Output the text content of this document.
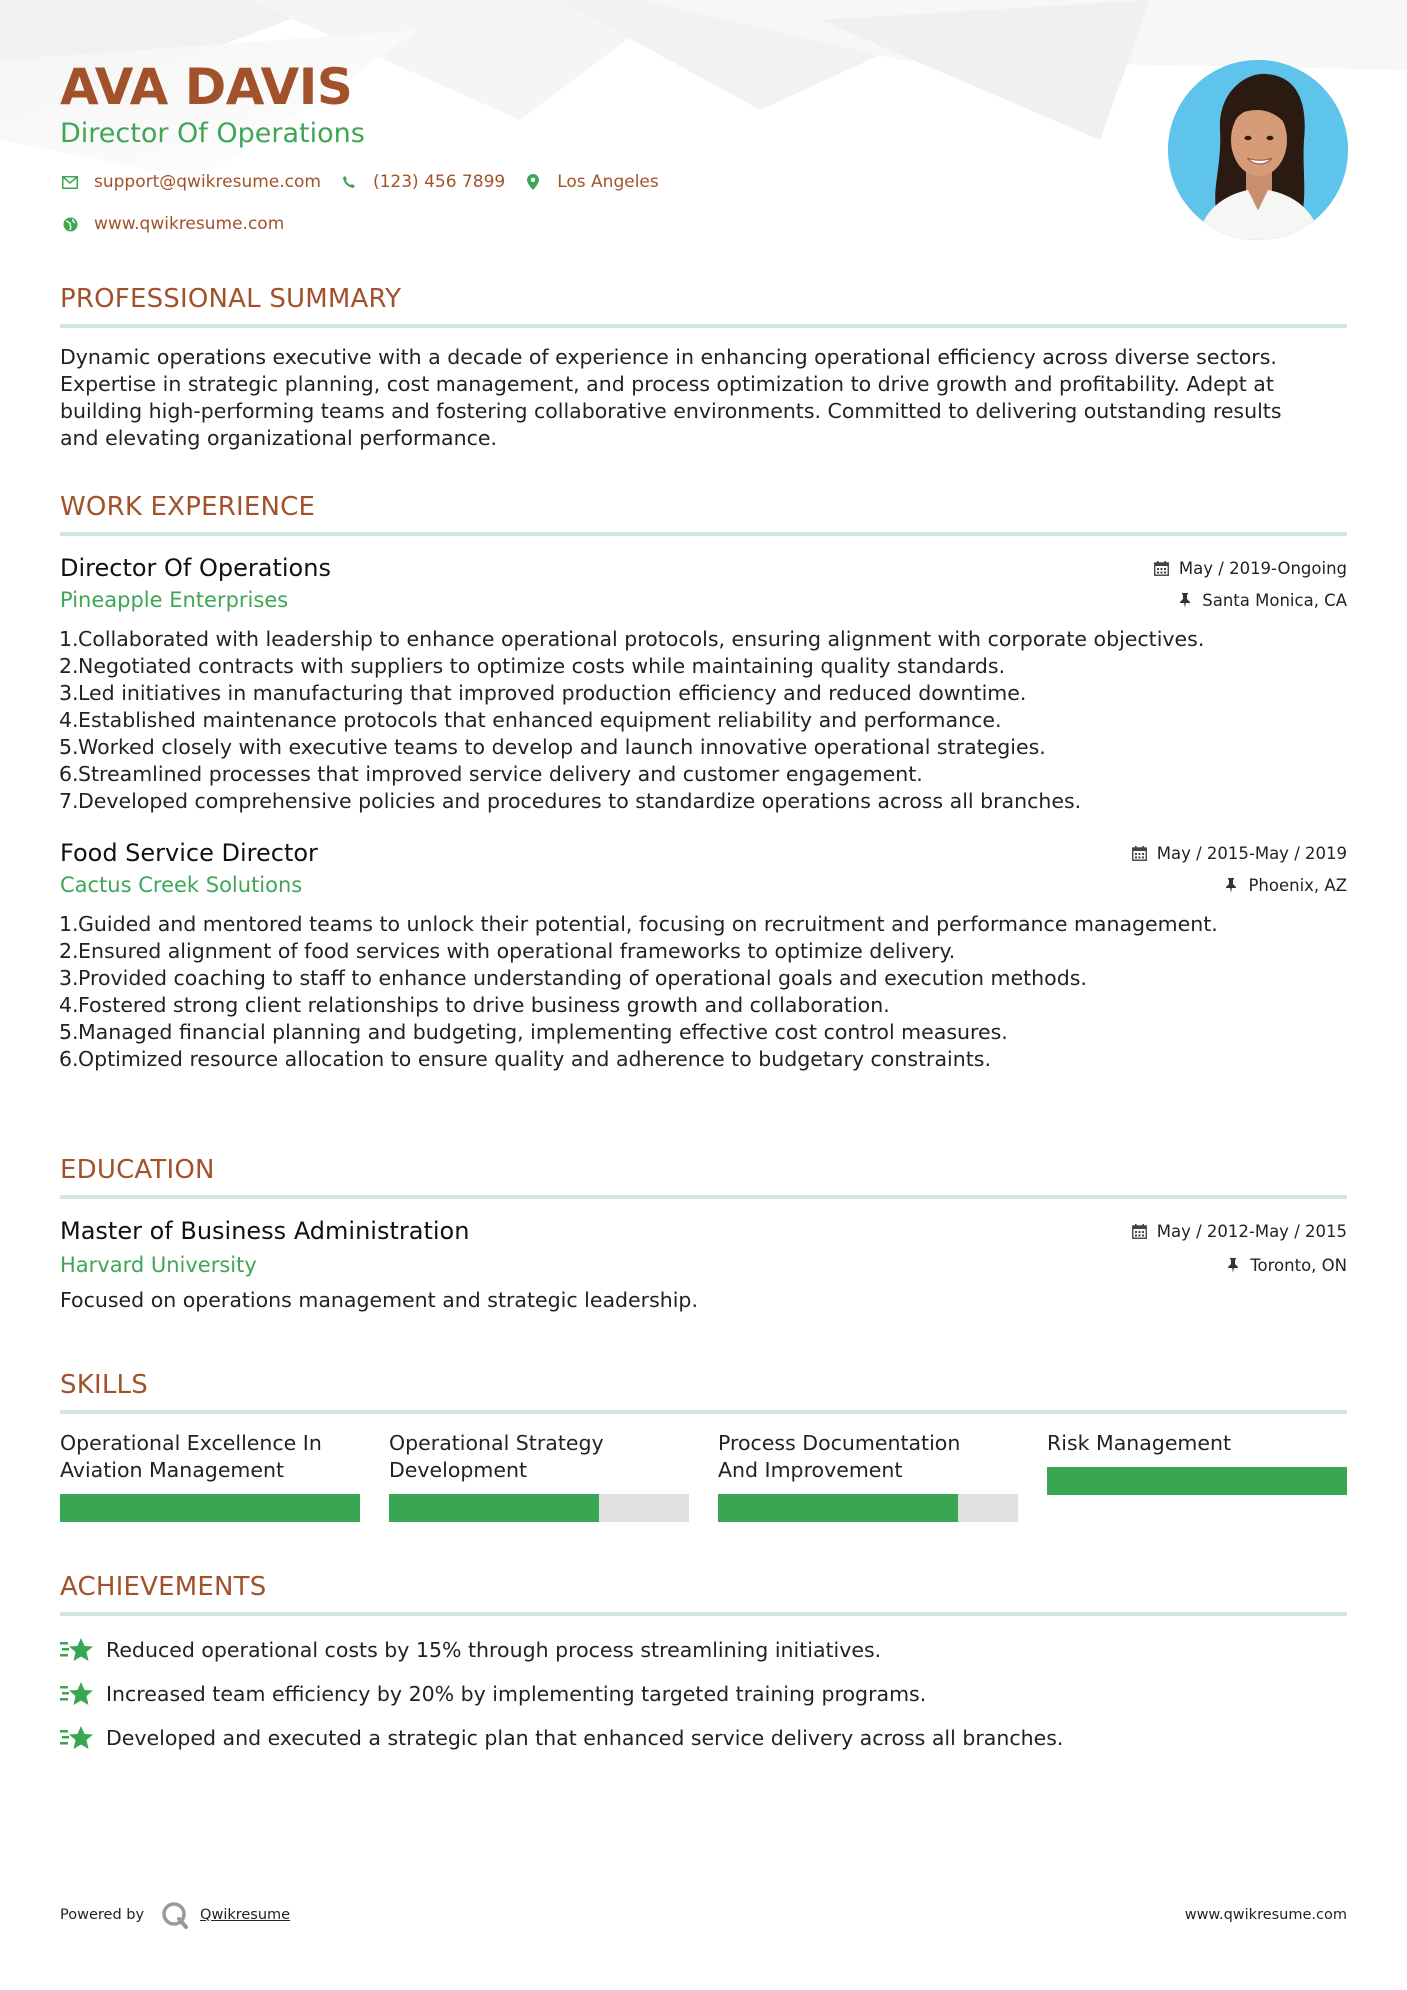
AVA DAVIS
Director Of Operations
support@qwikresume.com	(123) 456 7899	Los Angeles
www.qwikresume.com
PROFESSIONAL SUMMARY
Dynamic operations executive with a decade of experience in enhancing operational efficiency across diverse sectors.
Expertise in strategic planning, cost management, and process optimization to drive growth and profitability. Adept at
building high-performing teams and fostering collaborative environments. Committed to delivering outstanding results
and elevating organizational performance.
WORK EXPERIENCE
Director Of Operations	May / 2019-Ongoing
Pineapple Enterprises	Santa Monica, CA
1. Collaborated with leadership to enhance operational protocols, ensuring alignment with corporate objectives.
2. Negotiated contracts with suppliers to optimize costs while maintaining quality standards.
3. Led initiatives in manufacturing that improved production efficiency and reduced downtime.
4. Established maintenance protocols that enhanced equipment reliability and performance.
5. Worked closely with executive teams to develop and launch innovative operational strategies.
6. Streamlined processes that improved service delivery and customer engagement.
7. Developed comprehensive policies and procedures to standardize operations across all branches.
Food Service Director	May / 2015-May / 2019
Cactus Creek Solutions	Phoenix, AZ
1. Guided and mentored teams to unlock their potential, focusing on recruitment and performance management.
2. Ensured alignment of food services with operational frameworks to optimize delivery.
3. Provided coaching to staff to enhance understanding of operational goals and execution methods.
4. Fostered strong client relationships to drive business growth and collaboration.
5. Managed financial planning and budgeting, implementing effective cost control measures.
6. Optimized resource allocation to ensure quality and adherence to budgetary constraints.
EDUCATION
Master of Business Administration	May / 2012-May / 2015
Harvard University	Toronto, ON
Focused on operations management and strategic leadership.
SKILLS
Operational Excellence In
Aviation Management
Operational Strategy
Development
Process Documentation
And Improvement
Risk Management
ACHIEVEMENTS
Reduced operational costs by 15% through process streamlining initiatives.
Increased team efficiency by 20% by implementing targeted training programs.
Developed and executed a strategic plan that enhanced service delivery across all branches.
Powered by	Qwikresume	www.qwikresume.com
